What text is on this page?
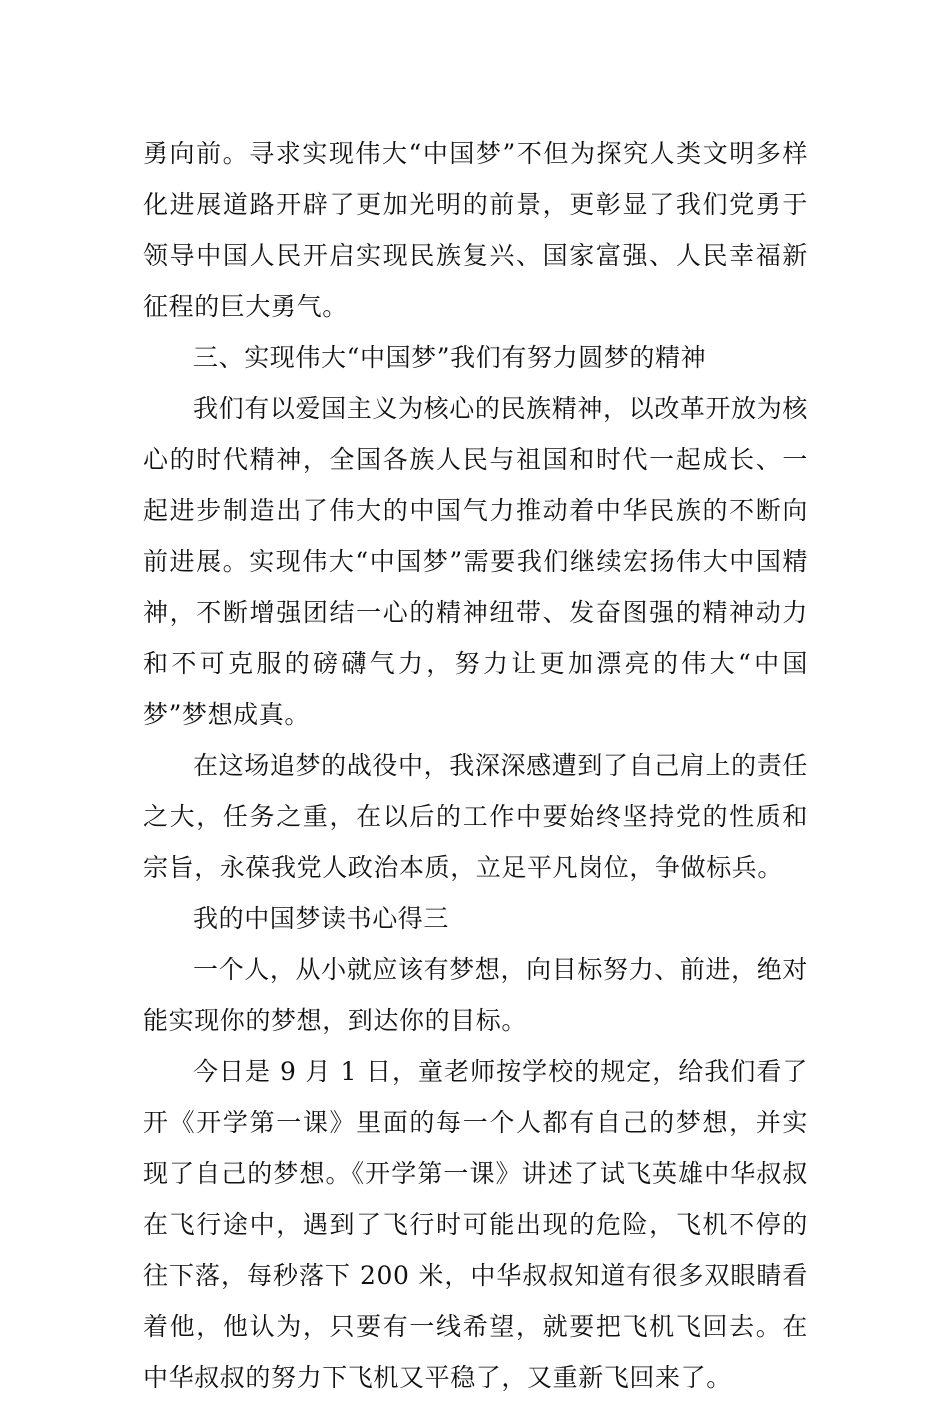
勇向前。寻求实现伟大“中国梦”不但为探究人类文明多样化进展道路开辟了更加光明的前景，更彰显了我们党勇于领导中国人民开启实现民族复兴、国家富强、人民幸福新征程的巨大勇气。

三、实现伟大“中国梦”我们有努力圆梦的精神

我们有以爱国主义为核心的民族精神，以改革开放为核心的时代精神，全国各族人民与祖国和时代一起成长、一起进步制造出了伟大的中国气力推动着中华民族的不断向前进展。实现伟大“中国梦”需要我们继续宏扬伟大中国精神，不断增强团结一心的精神纽带、发奋图强的精神动力和不可克服的磅礴气力，努力让更加漂亮的伟大“中国梦”梦想成真。

在这场追梦的战役中，我深深感遭到了自己肩上的责任之大，任务之重，在以后的工作中要始终坚持党的性质和宗旨，永葆我党人政治本质，立足平凡岗位，争做标兵。

我的中国梦读书心得三

一个人，从小就应该有梦想，向目标努力、前进，绝对能实现你的梦想，到达你的目标。

今日是 9 月 1 日，童老师按学校的规定，给我们看了开《开学第一课》里面的每一个人都有自己的梦想，并实现了自己的梦想。《开学第一课》讲述了试飞英雄中华叔叔在飞行途中，遇到了飞行时可能出现的危险，飞机不停的往下落，每秒落下 200 米，中华叔叔知道有很多双眼睛看着他，他认为，只要有一线希望，就要把飞机飞回去。在中华叔叔的努力下飞机又平稳了，又重新飞回来了。
